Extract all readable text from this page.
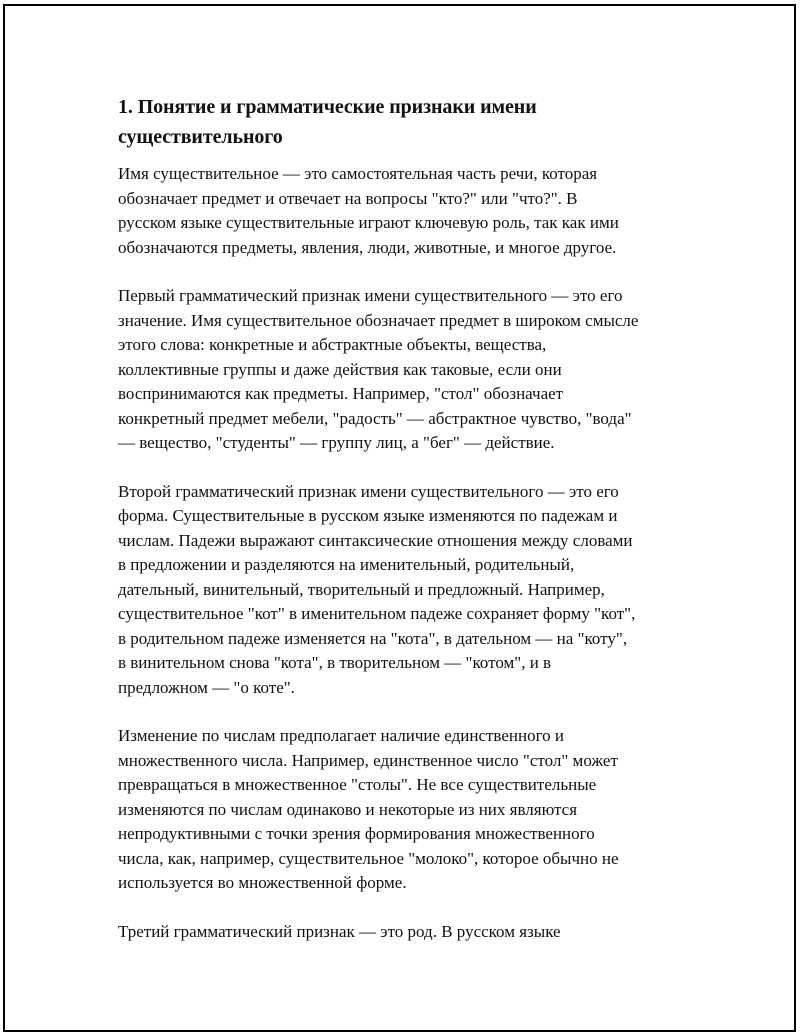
1. Понятие и грамматические признаки имени
существительного

Имя существительное — это самостоятельная часть речи, которая
обозначает предмет и отвечает на вопросы "кто?" или "что?". В
русском языке существительные играют ключевую роль, так как ими
обозначаются предметы, явления, люди, животные, и многое другое.

Первый грамматический признак имени существительного — это его
значение. Имя существительное обозначает предмет в широком смысле
этого слова: конкретные и абстрактные объекты, вещества,
коллективные группы и даже действия как таковые, если они
воспринимаются как предметы. Например, "стол" обозначает
конкретный предмет мебели, "радость" — абстрактное чувство, "вода"
— вещество, "студенты" — группу лиц, а "бег" — действие.

Второй грамматический признак имени существительного — это его
форма. Существительные в русском языке изменяются по падежам и
числам. Падежи выражают синтаксические отношения между словами
в предложении и разделяются на именительный, родительный,
дательный, винительный, творительный и предложный. Например,
существительное "кот" в именительном падеже сохраняет форму "кот",
в родительном падеже изменяется на "кота", в дательном — на "коту",
в винительном снова "кота", в творительном — "котом", и в
предложном — "о коте".

Изменение по числам предполагает наличие единственного и
множественного числа. Например, единственное число "стол" может
превращаться в множественное "столы". Не все существительные
изменяются по числам одинаково и некоторые из них являются
непродуктивными с точки зрения формирования множественного
числа, как, например, существительное "молоко", которое обычно не
используется во множественной форме.

Третий грамматический признак — это род. В русском языке
